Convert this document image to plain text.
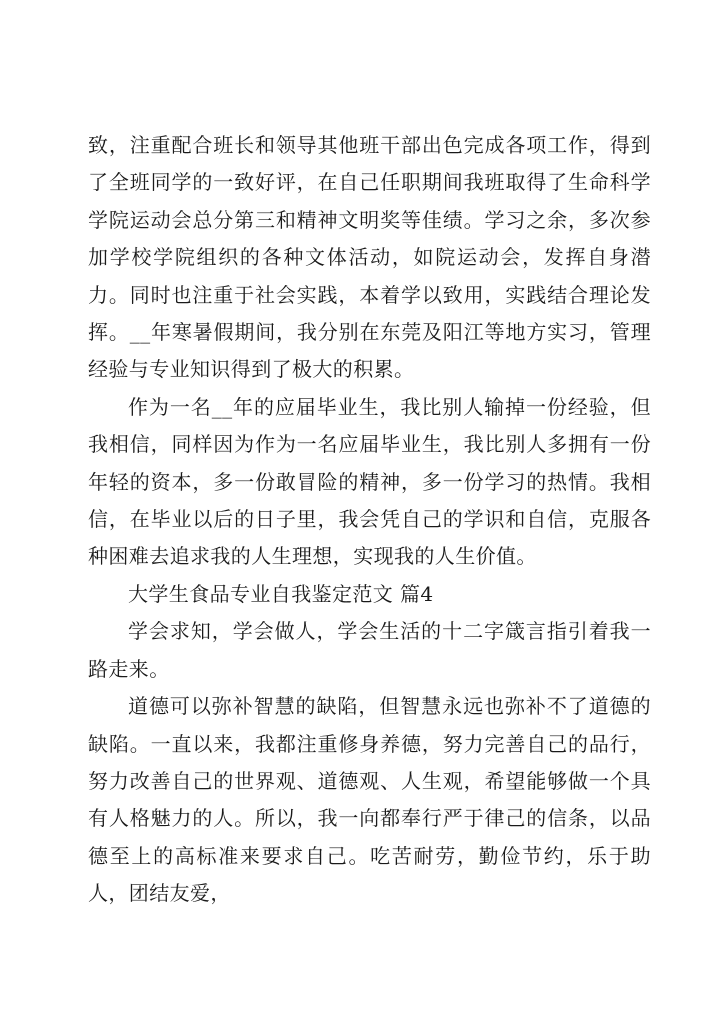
致，注重配合班长和领导其他班干部出色完成各项工作，得到了全班同学的一致好评，在自己任职期间我班取得了生命科学学院运动会总分第三和精神文明奖等佳绩。学习之余，多次参加学校学院组织的各种文体活动，如院运动会，发挥自身潜力。同时也注重于社会实践，本着学以致用，实践结合理论发挥。__年寒暑假期间，我分别在东莞及阳江等地方实习，管理经验与专业知识得到了极大的积累。

作为一名__年的应届毕业生，我比别人输掉一份经验，但我相信，同样因为作为一名应届毕业生，我比别人多拥有一份年轻的资本，多一份敢冒险的精神，多一份学习的热情。我相信，在毕业以后的日子里，我会凭自己的学识和自信，克服各种困难去追求我的人生理想，实现我的人生价值。

大学生食品专业自我鉴定范文 篇4

学会求知，学会做人，学会生活的十二字箴言指引着我一路走来。

道德可以弥补智慧的缺陷，但智慧永远也弥补不了道德的缺陷。一直以来，我都注重修身养德，努力完善自己的品行，努力改善自己的世界观、道德观、人生观，希望能够做一个具有人格魅力的人。所以，我一向都奉行严于律己的信条，以品德至上的高标准来要求自己。吃苦耐劳，勤俭节约，乐于助人，团结友爱，
